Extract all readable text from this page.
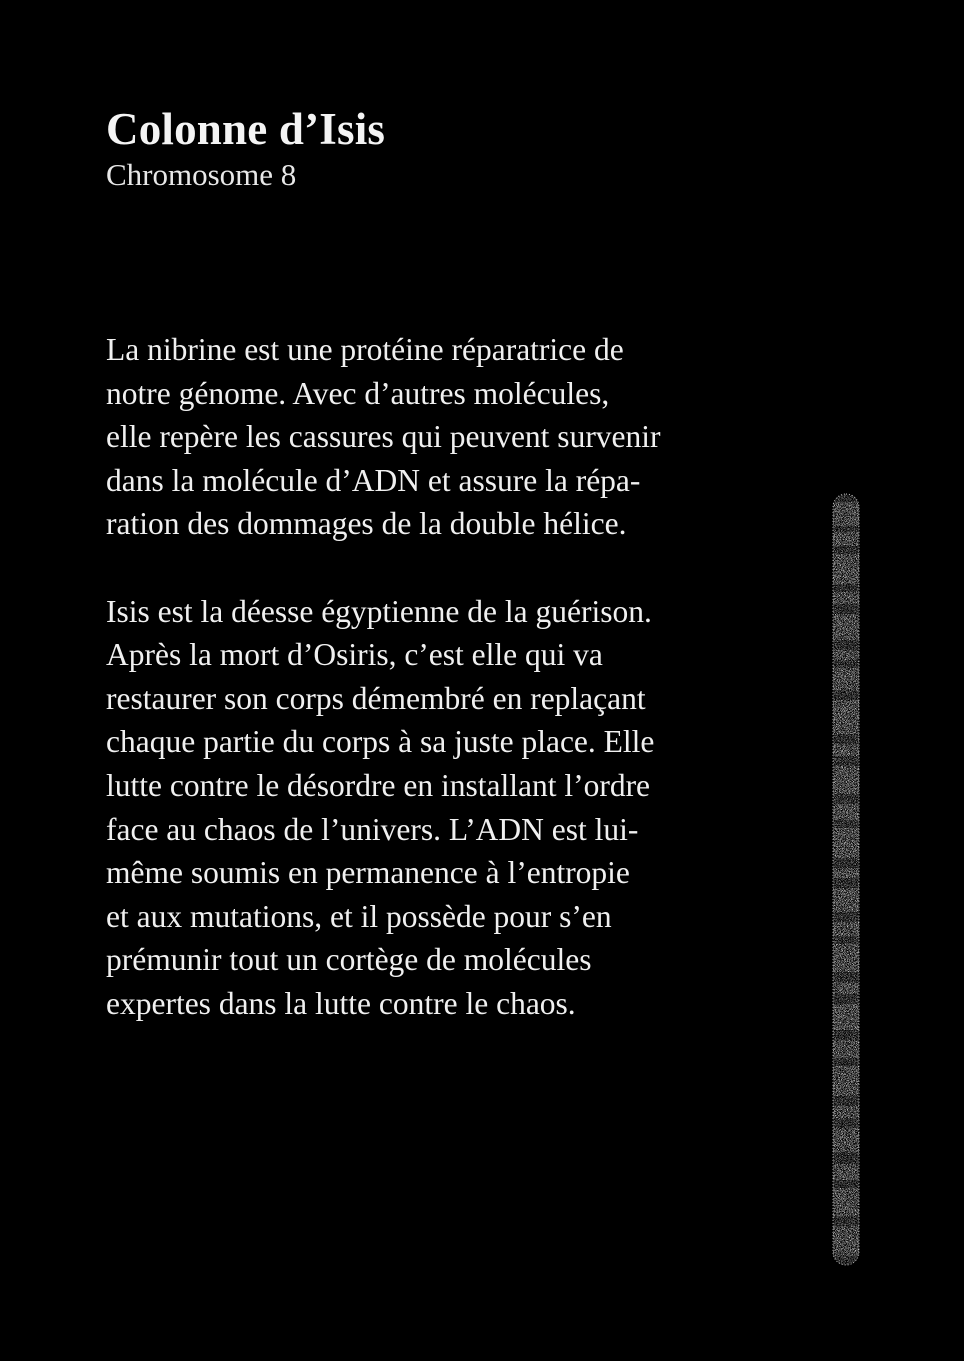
Colonne d’Isis

Chromosome 8

La nibrine est une protéine réparatrice de
notre génome. Avec d’autres molécules,
elle repère les cassures qui peuvent survenir
dans la molécule d’ADN et assure la répa-
ration des dommages de la double hélice.

Isis est la déesse égyptienne de la guérison.
Après la mort d’Osiris, c’est elle qui va
restaurer son corps démembré en replaçant
chaque partie du corps à sa juste place. Elle
lutte contre le désordre en installant l’ordre
face au chaos de l’univers. L’ADN est lui-
même soumis en permanence à l’entropie
et aux mutations, et il possède pour s’en
prémunir tout un cortège de molécules
expertes dans la lutte contre le chaos.
